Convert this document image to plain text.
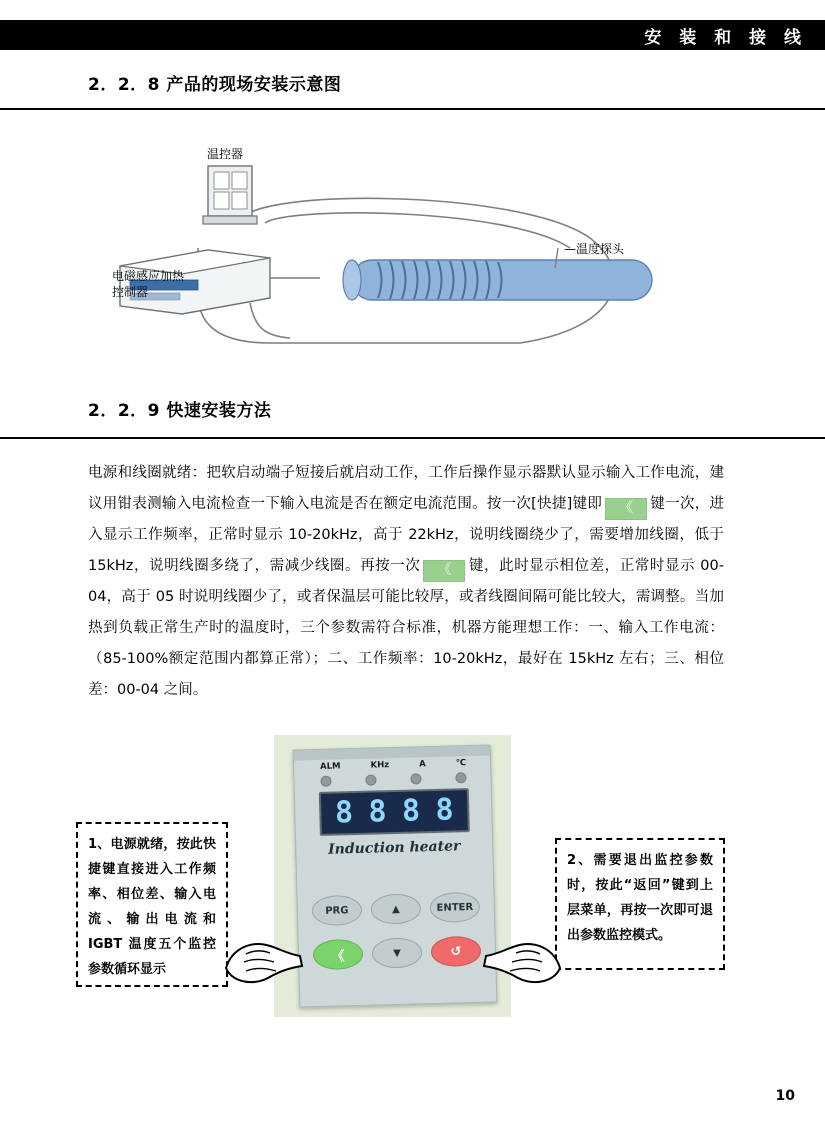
安 装 和 接 线
2．2．8 产品的现场安装示意图
温控器
—温度探头
电磁感应加热控制器
2．2．9 快速安装方法

电源和线圈就绪：把软启动端子短接后就启动工作，工作后操作显示器默认显示输入工作电流，建议用钳表测输入电流检查一下输入电流是否在额定电流范围。按一次[快捷]键即 《 键一次，进入显示工作频率，正常时显示 10-20kHz，高于 22kHz，说明线圈绕少了，需要增加线圈，低于 15kHz，说明线圈多绕了，需减少线圈。再按一次 《 键，此时显示相位差，正常时显示 00-04，高于 05 时说明线圈少了，或者保温层可能比较厚，或者线圈间隔可能比较大，需调整。当加热到负载正常生产时的温度时，三个参数需符合标准，机器方能理想工作：一、输入工作电流：（85-100%额定范围内都算正常）；二、工作频率：10-20kHz，最好在 15kHz 左右；三、相位差：00-04 之间。

ALM	KHz	A	℃
8 8 8 8
Induction heater
PRG	▲	ENTER
《	▼	↺
1、电源就绪，按此快捷键直接进入工作频率、相位差、输入电流、输出电流和 IGBT 温度五个监控参数循环显示
2、需要退出监控参数时，按此“返回”键到上层菜单，再按一次即可退出参数监控模式。
10
